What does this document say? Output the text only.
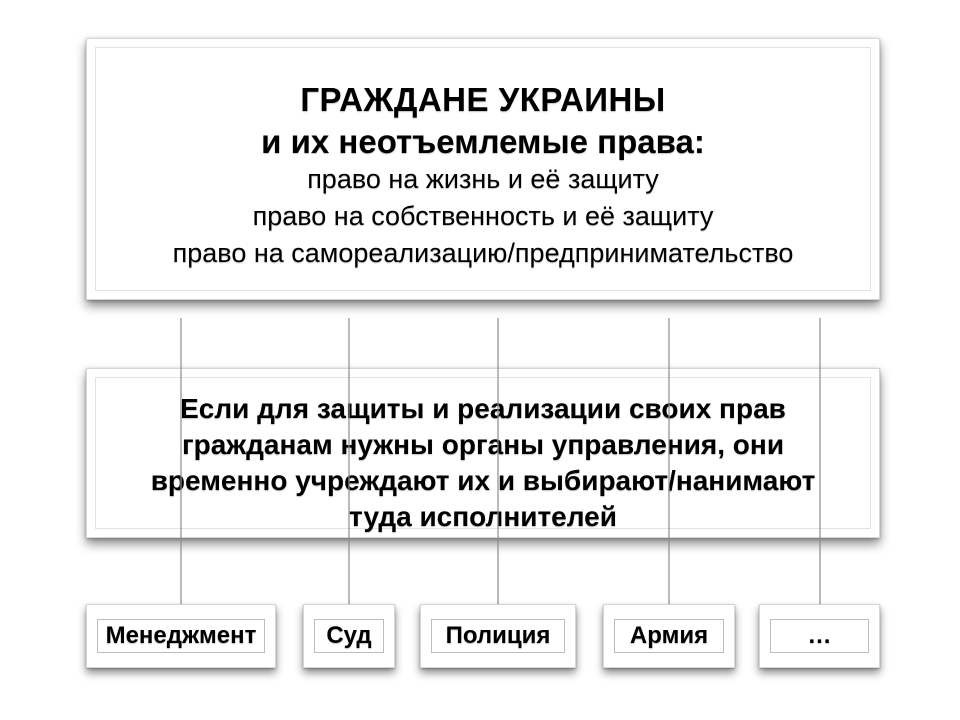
ГРАЖДАНЕ УКРАИНЫ
и их неотъемлемые права:
право на жизнь и её защиту
право на собственность и её защиту
право на самореализацию/предпринимательство
Если для защиты и реализации своих прав
гражданам нужны органы управления, они
временно учреждают их и выбирают/нанимают
туда исполнителей
Менеджмент	Суд	Полиция	Армия	…
